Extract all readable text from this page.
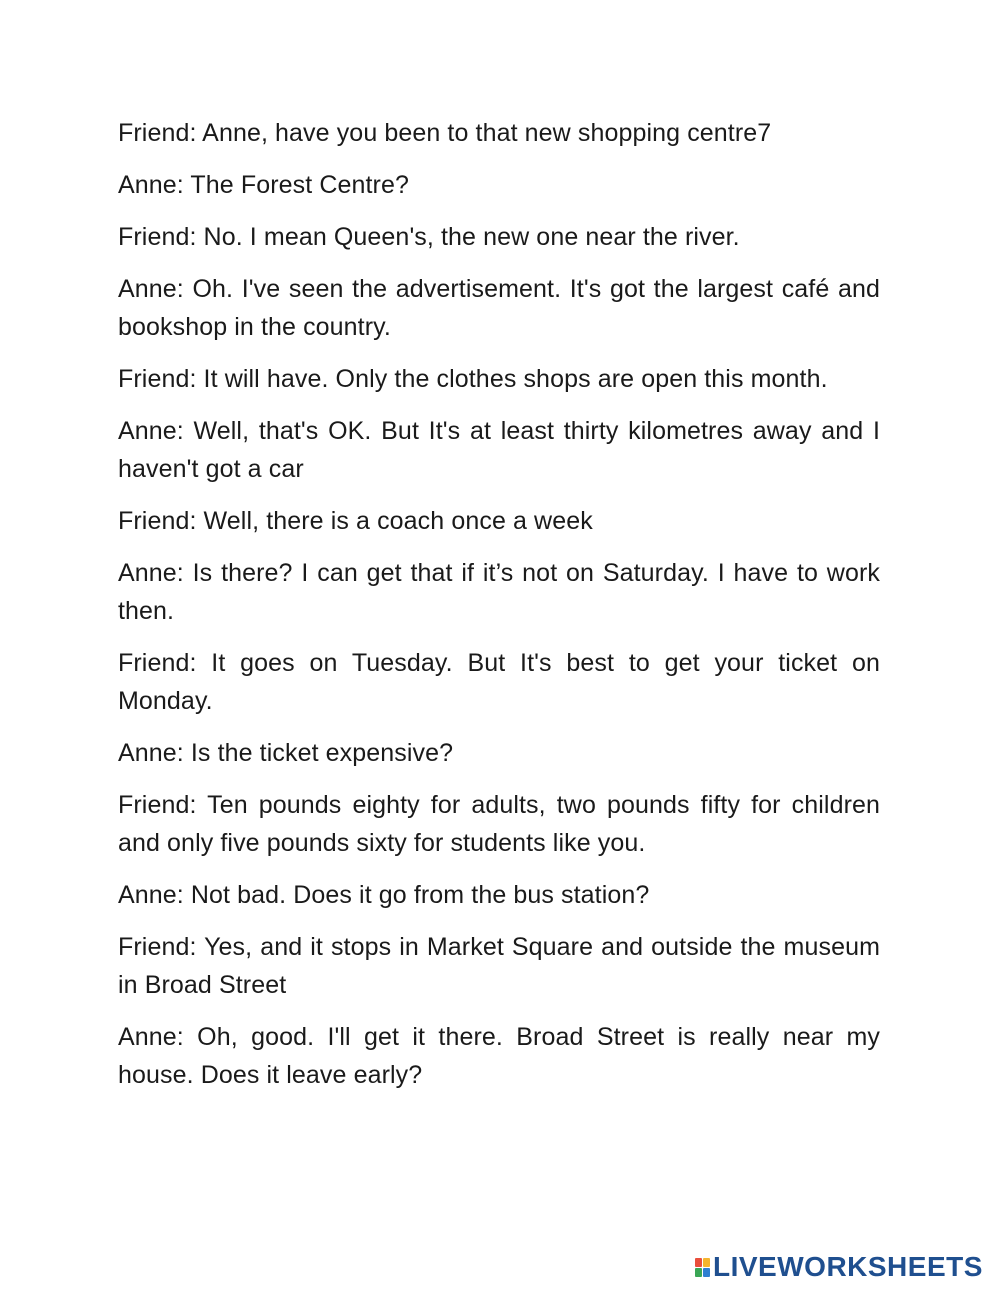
Friend: Anne, have you been to that new shopping centre7

Anne: The Forest Centre?

Friend: No. I mean Queen's, the new one near the river.

Anne: Oh. I've seen the advertisement. It's got the largest café and bookshop in the country.

Friend: It will have. Only the clothes shops are open this month.

Anne: Well, that's OK. But It's at least thirty kilometres away and I haven't got a car

Friend: Well, there is a coach once a week

Anne: Is there? I can get that if it’s not on Saturday. I have to work then.

Friend: It goes on Tuesday. But It's best to get your ticket on Monday.

Anne: Is the ticket expensive?

Friend: Ten pounds eighty for adults, two pounds fifty for children and only five pounds sixty for students like you.

Anne: Not bad. Does it go from the bus station?

Friend: Yes, and it stops in Market Square and outside the museum in Broad Street

Anne: Oh, good. I'll get it there. Broad Street is really near my house. Does it leave early?

LIVEWORKSHEETS
